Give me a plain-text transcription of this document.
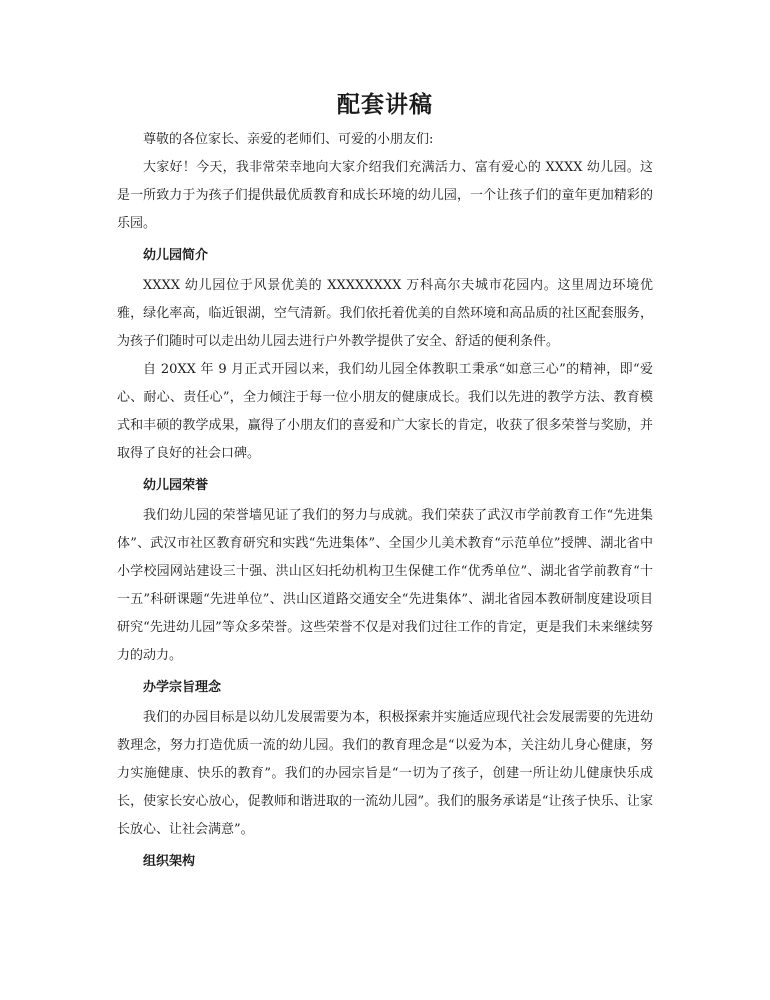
配套讲稿

尊敬的各位家长、亲爱的老师们、可爱的小朋友们:

大家好！今天，我非常荣幸地向大家介绍我们充满活力、富有爱心的 XXXX 幼儿园。这是一所致力于为孩子们提供最优质教育和成长环境的幼儿园，一个让孩子们的童年更加精彩的乐园。

幼儿园简介

XXXX 幼儿园位于风景优美的 XXXXXXXX 万科高尔夫城市花园内。这里周边环境优雅，绿化率高，临近银湖，空气清新。我们依托着优美的自然环境和高品质的社区配套服务，为孩子们随时可以走出幼儿园去进行户外教学提供了安全、舒适的便利条件。

自 20XX 年 9 月正式开园以来，我们幼儿园全体教职工秉承“如意三心”的精神，即“爱心、耐心、责任心”，全力倾注于每一位小朋友的健康成长。我们以先进的教学方法、教育模式和丰硕的教学成果，赢得了小朋友们的喜爱和广大家长的肯定，收获了很多荣誉与奖励，并取得了良好的社会口碑。

幼儿园荣誉

我们幼儿园的荣誉墙见证了我们的努力与成就。我们荣获了武汉市学前教育工作“先进集体”、武汉市社区教育研究和实践“先进集体”、全国少儿美术教育“示范单位”授牌、湖北省中小学校园网站建设三十强、洪山区妇托幼机构卫生保健工作“优秀单位”、湖北省学前教育“十一五”科研课题“先进单位”、洪山区道路交通安全“先进集体”、湖北省园本教研制度建设项目研究“先进幼儿园”等众多荣誉。这些荣誉不仅是对我们过往工作的肯定，更是我们未来继续努力的动力。

办学宗旨理念

我们的办园目标是以幼儿发展需要为本，积极探索并实施适应现代社会发展需要的先进幼教理念，努力打造优质一流的幼儿园。我们的教育理念是“以爱为本，关注幼儿身心健康，努力实施健康、快乐的教育”。我们的办园宗旨是“一切为了孩子，创建一所让幼儿健康快乐成长，使家长安心放心，促教师和谐进取的一流幼儿园”。我们的服务承诺是“让孩子快乐、让家长放心、让社会满意”。

组织架构
